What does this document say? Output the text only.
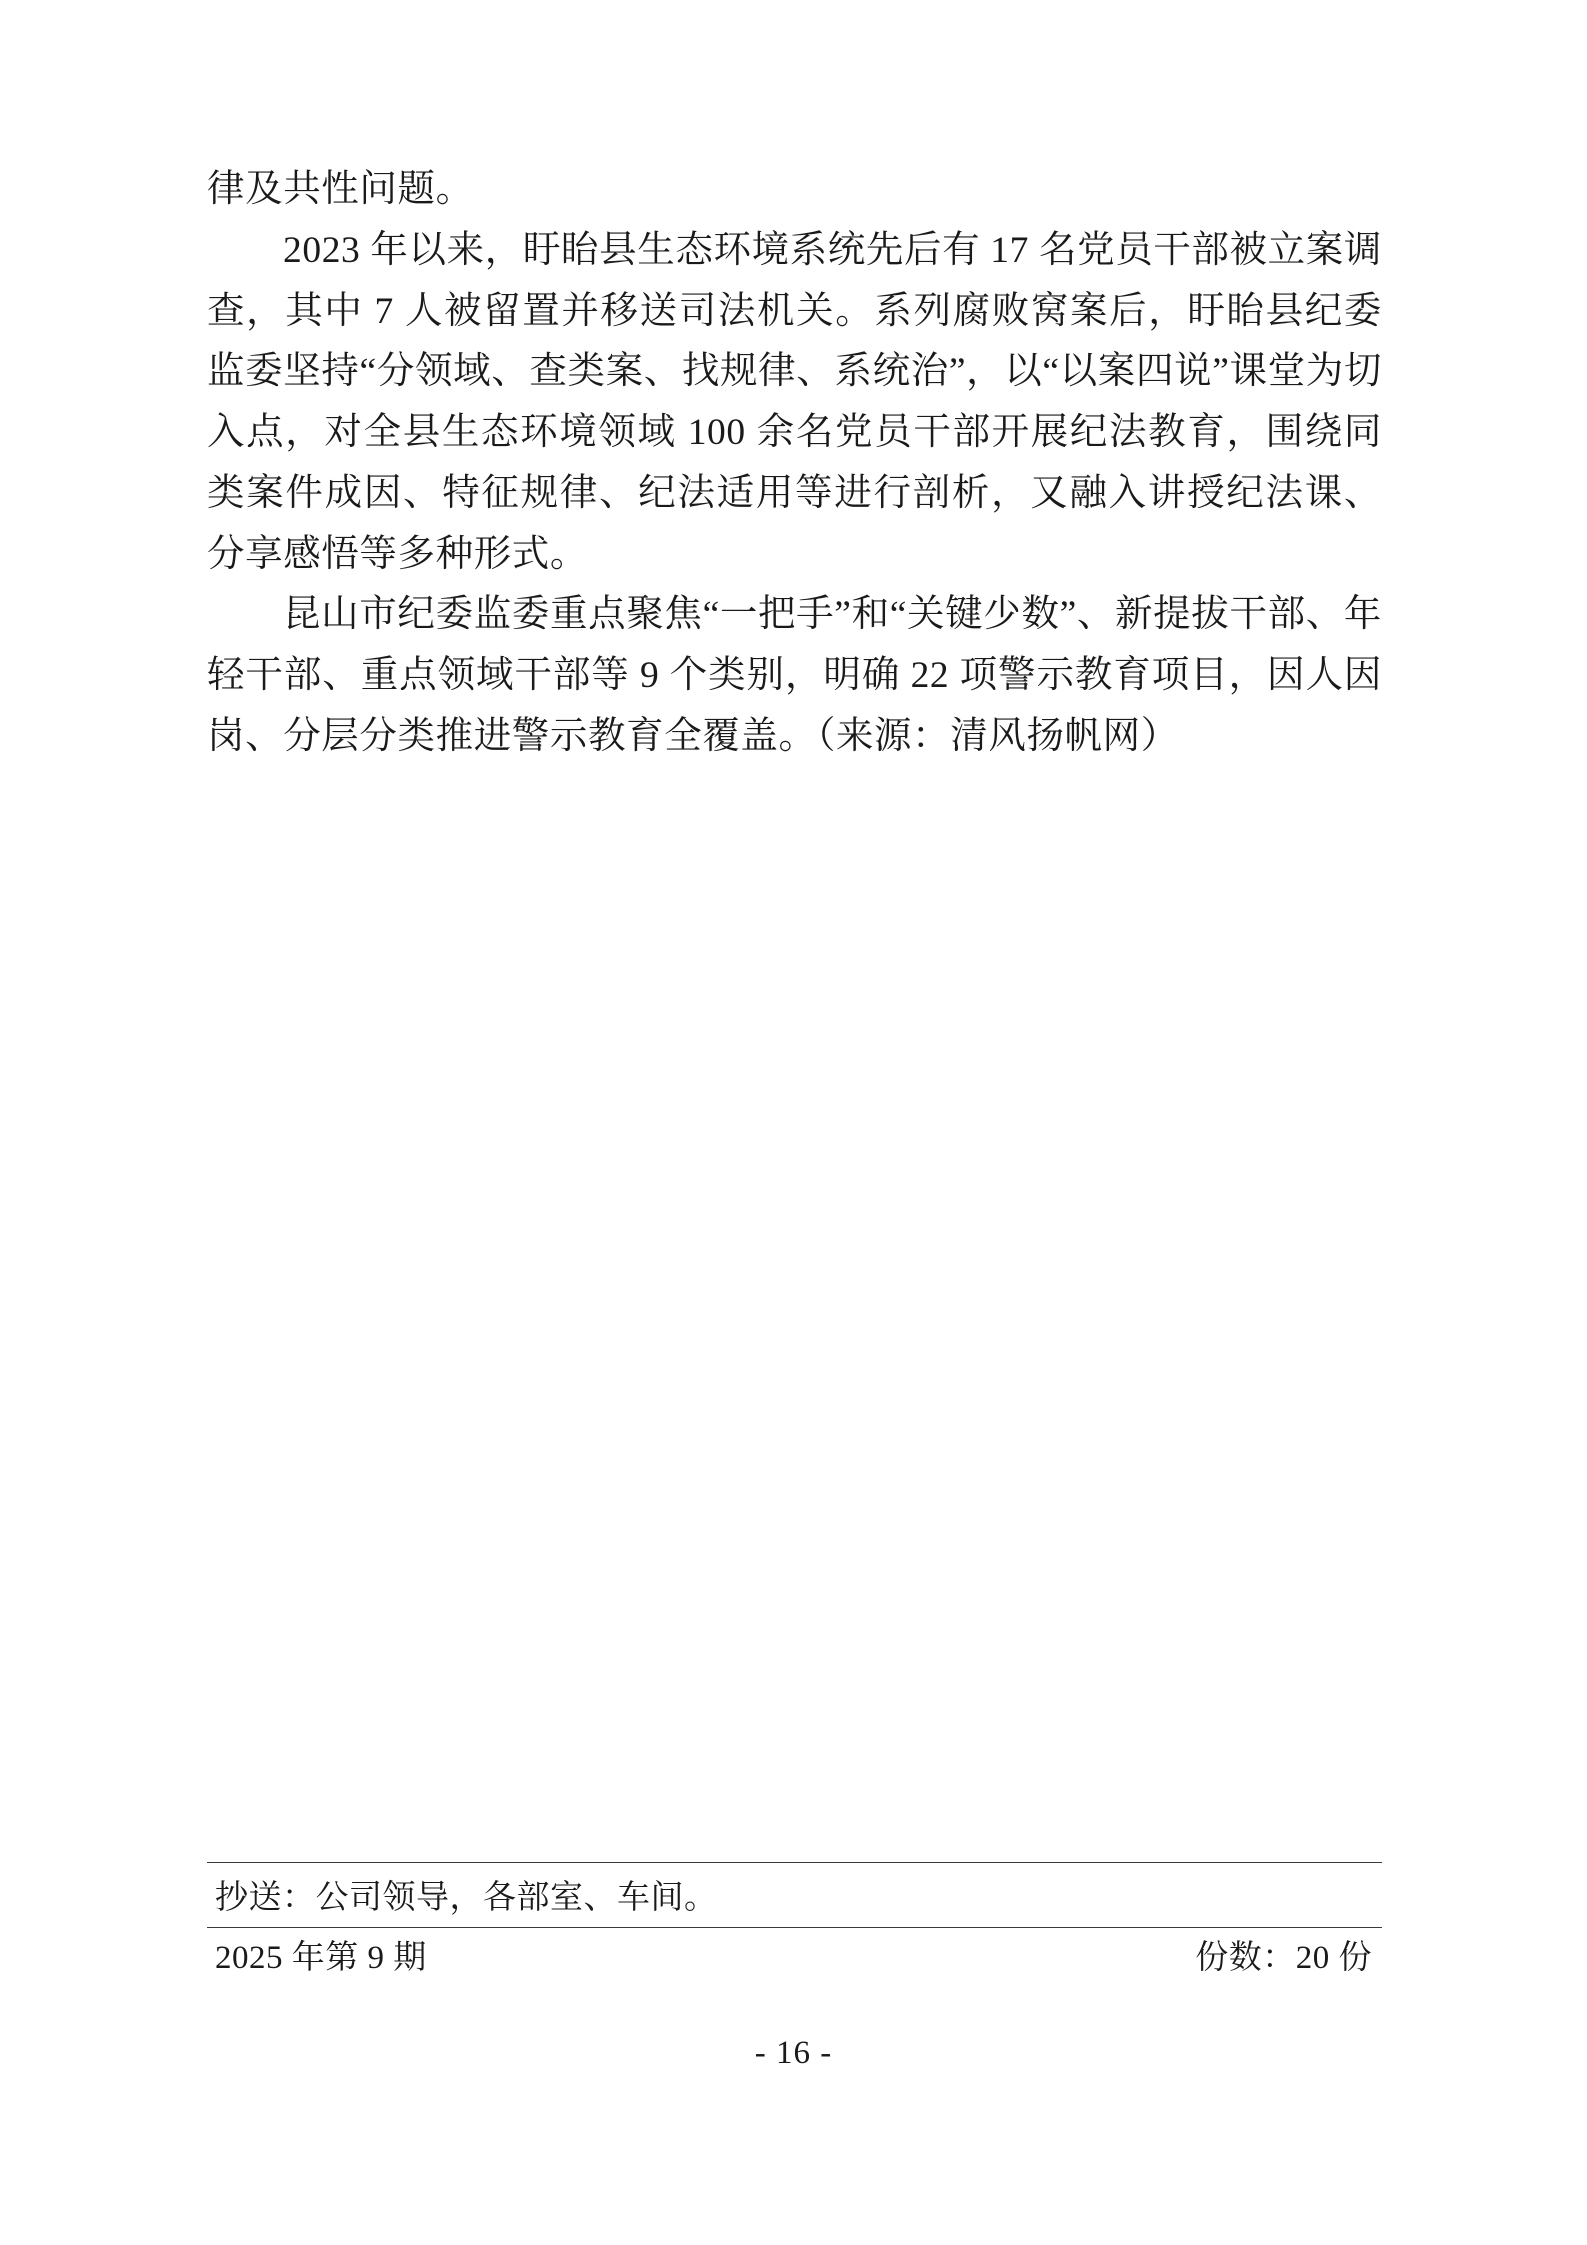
律及共性问题。

2023 年以来，盱眙县生态环境系统先后有 17 名党员干部被立案调查，其中 7 人被留置并移送司法机关。系列腐败窝案后，盱眙县纪委监委坚持“分领域、查类案、找规律、系统治”，以“以案四说”课堂为切入点，对全县生态环境领域 100 余名党员干部开展纪法教育，围绕同类案件成因、特征规律、纪法适用等进行剖析，又融入讲授纪法课、分享感悟等多种形式。

昆山市纪委监委重点聚焦“一把手”和“关键少数”、新提拔干部、年轻干部、重点领域干部等 9 个类别，明确 22 项警示教育项目，因人因岗、分层分类推进警示教育全覆盖。（来源：清风扬帆网）

抄送：公司领导，各部室、车间。
2025 年第 9 期	份数：20 份
- 16 -
